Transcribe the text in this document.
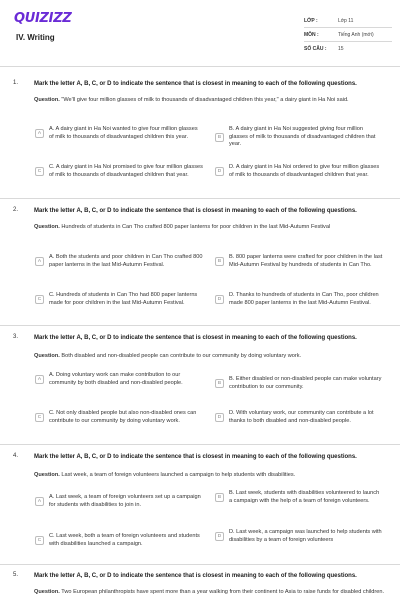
QUIZIZZ
IV. Writing
LỚP :	Lớp 11
MÔN :	Tiếng Anh (mới)
SỐ CÂU :	15
1.	Mark the letter A, B, C, or D to indicate the sentence that is closest in meaning to each of the following questions.
Question. "We'll give four million glasses of milk to thousands of disadvantaged children this year," a dairy giant in Ha Noi said.
A
A. A dairy giant in Ha Noi wanted to give four million glasses of milk to thousands of disadvantaged children this year.	B
B. A dairy giant in Ha Noi suggested giving four million glasses of milk to thousands of disadvantaged children that year.
C
C. A dairy giant in Ha Noi promised to give four million glasses of milk to thousands of disadvantaged children that year.	D
D. A dairy giant in Ha Noi ordered to give four million glasses of milk to thousands of disadvantaged children that year.
2.	Mark the letter A, B, C, or D to indicate the sentence that is closest in meaning to each of the following questions.
Question. Hundreds of students in Can Tho crafted 800 paper lanterns for poor children in the last Mid-Autumn Festival
A
A. Both the students and poor children in Can Tho crafted 800 paper lanterns in the last Mid-Autumn Festival.	B
B. 800 paper lanterns were crafted for poor children in the last Mid-Autumn Festival by hundreds of students in Can Tho.
C
C. Hundreds of students in Can Tho had 800 paper lanterns made for poor children in the last Mid-Autumn Festival.	D
D. Thanks to hundreds of students in Can Tho, poor children made 800 paper lanterns in the last Mid-Autumn Festival.
3.	Mark the letter A, B, C, or D to indicate the sentence that is closest in meaning to each of the following questions.
Question. Both disabled and non-disabled people can contribute to our community by doing voluntary work.
A
A. Doing voluntary work can make contribution to our community by both disabled and non-disabled people.	B
B. Either disabled or non-disabled people can make voluntary contribution to our community.
C
C. Not only disabled people but also non-disabled ones can contribute to our community by doing voluntary work.	D
D. With voluntary work, our community can contribute a lot thanks to both disabled and non-disabled people.
4.	Mark the letter A, B, C, or D to indicate the sentence that is closest in meaning to each of the following questions.
Question. Last week, a team of foreign volunteers launched a campaign to help students with disabilities.
A
A. Last week, a team of foreign volunteers set up a campaign for students with disabilities to join in.
B
B. Last week, students with disabilities volunteered to launch a campaign with the help of a team of foreign volunteers.
C
C. Last week, both a team of foreign volunteers and students with disabilities launched a campaign.
D
D. Last week, a campaign was launched to help students with disabilities by a team of foreign volunteers
5.	Mark the letter A, B, C, or D to indicate the sentence that is closest in meaning to each of the following questions.
Question. Two European philanthropists have spent more than a year walking from their continent to Asia to raise funds for disabled children.
